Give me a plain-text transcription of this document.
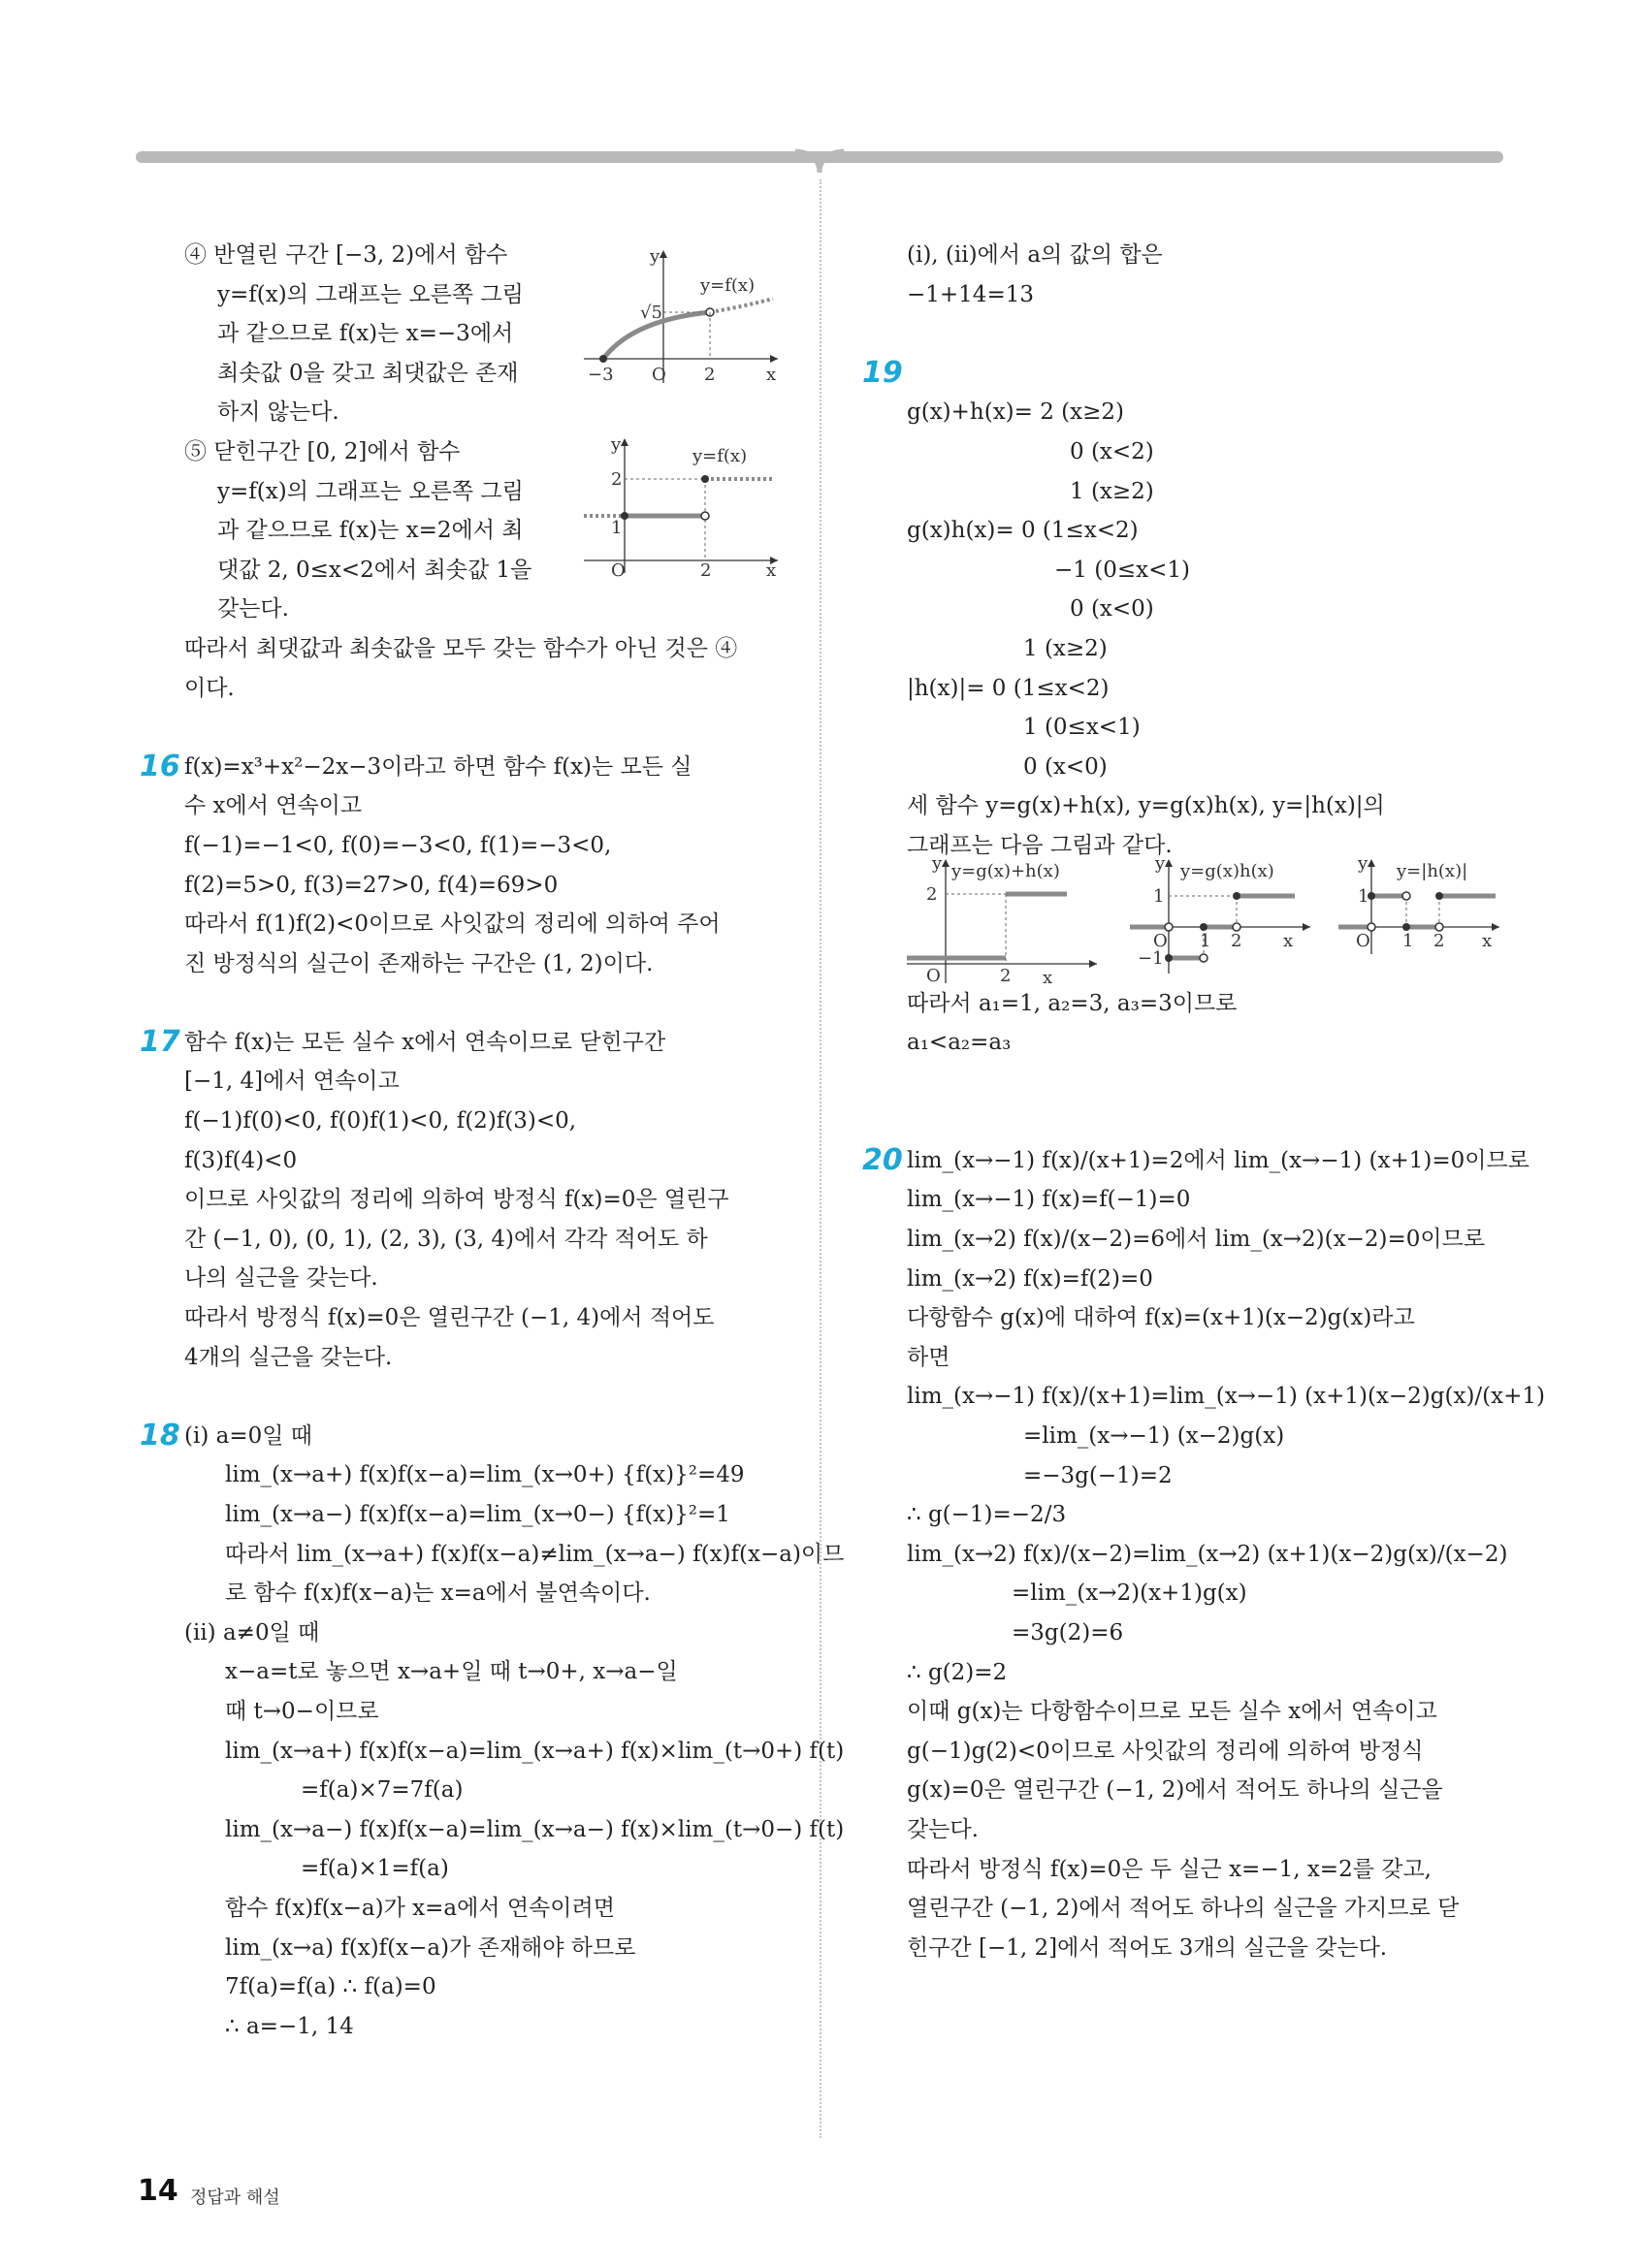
④ 반열린 구간 [−3, 2)에서 함수
y=f(x)의 그래프는 오른쪽 그림
과 같으므로 f(x)는 x=−3에서
최솟값 0을 갖고 최댓값은 존재
하지 않는다.
⑤ 닫힌구간 [0, 2]에서 함수
y=f(x)의 그래프는 오른쪽 그림
과 같으므로 f(x)는 x=2에서 최
댓값 2, 0≤x<2에서 최솟값 1을
갖는다.
따라서 최댓값과 최솟값을 모두 갖는 함수가 아닌 것은 ④
이다.
16 f(x)=x³+x²−2x−3이라고 하면 함수 f(x)는 모든 실
수 x에서 연속이고
f(−1)=−1<0, f(0)=−3<0, f(1)=−3<0,
f(2)=5>0, f(3)=27>0, f(4)=69>0
따라서 f(1)f(2)<0이므로 사잇값의 정리에 의하여 주어
진 방정식의 실근이 존재하는 구간은 (1, 2)이다.
17 함수 f(x)는 모든 실수 x에서 연속이므로 닫힌구간
[−1, 4]에서 연속이고
f(−1)f(0)<0, f(0)f(1)<0, f(2)f(3)<0,
f(3)f(4)<0
이므로 사잇값의 정리에 의하여 방정식 f(x)=0은 열린구
간 (−1, 0), (0, 1), (2, 3), (3, 4)에서 각각 적어도 하
나의 실근을 갖는다.
따라서 방정식 f(x)=0은 열린구간 (−1, 4)에서 적어도
4개의 실근을 갖는다.
18 (ⅰ) a=0일 때
lim_(x→a+) f(x)f(x−a)=lim_(x→0+) {f(x)}²=49
lim_(x→a−) f(x)f(x−a)=lim_(x→0−) {f(x)}²=1
따라서 lim_(x→a+) f(x)f(x−a)≠lim_(x→a−) f(x)f(x−a)이므
로 함수 f(x)f(x−a)는 x=a에서 불연속이다.
(ⅱ) a≠0일 때
x−a=t로 놓으면 x→a+일 때 t→0+, x→a−일
때 t→0−이므로
lim_(x→a+) f(x)f(x−a)=lim_(x→a+) f(x)×lim_(t→0+) f(t)
=f(a)×7=7f(a)
lim_(x→a−) f(x)f(x−a)=lim_(x→a−) f(x)×lim_(t→0−) f(t)
=f(a)×1=f(a)
함수 f(x)f(x−a)가 x=a에서 연속이려면
lim_(x→a) f(x)f(x−a)가 존재해야 하므로
7f(a)=f(a) ∴ f(a)=0
∴ a=−1, 14
y
x
O
y=f(x)
√5
−3	2
y
x
O
y=f(x)
2
1
2
(ⅰ), (ⅱ)에서 a의 값의 합은
−1+14=13
19
g(x)+h(x)= 2 (x≥2)
0 (x<2)
1 (x≥2)
g(x)h(x)= 0 (1≤x<2)
−1 (0≤x<1)
0 (x<0)
1 (x≥2)
|h(x)|= 0 (1≤x<2)
1 (0≤x<1)
0 (x<0)
세 함수 y=g(x)+h(x), y=g(x)h(x), y=|h(x)|의
그래프는 다음 그림과 같다.
따라서 a₁=1, a₂=3, a₃=3이므로
a₁<a₂=a₃
20 lim_(x→−1) f(x)/(x+1)=2에서 lim_(x→−1) (x+1)=0이므로
lim_(x→−1) f(x)=f(−1)=0
lim_(x→2) f(x)/(x−2)=6에서 lim_(x→2)(x−2)=0이므로
lim_(x→2) f(x)=f(2)=0
다항함수 g(x)에 대하여 f(x)=(x+1)(x−2)g(x)라고
하면
lim_(x→−1) f(x)/(x+1)=lim_(x→−1) (x+1)(x−2)g(x)/(x+1)
=lim_(x→−1) (x−2)g(x)
=−3g(−1)=2
∴ g(−1)=−2/3
lim_(x→2) f(x)/(x−2)=lim_(x→2) (x+1)(x−2)g(x)/(x−2)
=lim_(x→2)(x+1)g(x)
=3g(2)=6
∴ g(2)=2
이때 g(x)는 다항함수이므로 모든 실수 x에서 연속이고
g(−1)g(2)<0이므로 사잇값의 정리에 의하여 방정식
g(x)=0은 열린구간 (−1, 2)에서 적어도 하나의 실근을
갖는다.
따라서 방정식 f(x)=0은 두 실근 x=−1, x=2를 갖고,
열린구간 (−1, 2)에서 적어도 하나의 실근을 가지므로 닫
힌구간 [−1, 2]에서 적어도 3개의 실근을 갖는다.
y=g(x)+h(x)
y
2
2
O	x
y=g(x)h(x)
y
1
−1
1 2
O	x
y=|h(x)|
y
1
1 2
O	x
14 정답과 해설
